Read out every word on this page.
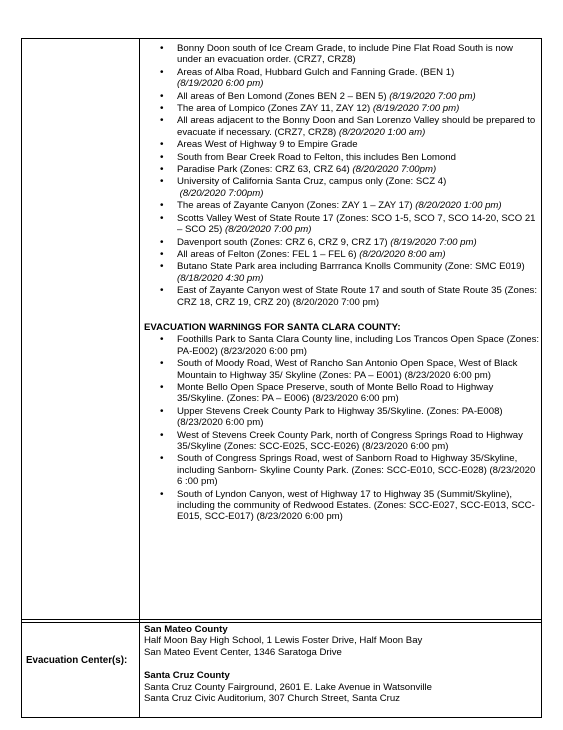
• Bonny Doon south of Ice Cream Grade, to include Pine Flat Road South is now under an evacuation order. (CRZ7, CRZ8)
• Areas of Alba Road, Hubbard Gulch and Fanning Grade. (BEN 1)
(8/19/2020 6:00 pm)
• All areas of Ben Lomond (Zones BEN 2 – BEN 5) (8/19/2020 7:00 pm)
• The area of Lompico (Zones ZAY 11, ZAY 12) (8/19/2020 7:00 pm)
• All areas adjacent to the Bonny Doon and San Lorenzo Valley should be prepared to evacuate if necessary. (CRZ7, CRZ8) (8/20/2020 1:00 am)
• Areas West of Highway 9 to Empire Grade
• South from Bear Creek Road to Felton, this includes Ben Lomond
• Paradise Park (Zones: CRZ 63, CRZ 64) (8/20/2020 7:00pm)
• University of California Santa Cruz, campus only (Zone: SCZ 4)
(8/20/2020 7:00pm)
• The areas of Zayante Canyon (Zones: ZAY 1 – ZAY 17) (8/20/2020 1:00 pm)
• Scotts Valley West of State Route 17 (Zones: SCO 1-5, SCO 7, SCO 14-20, SCO 21 – SCO 25) (8/20/2020 7:00 pm)
• Davenport south (Zones: CRZ 6, CRZ 9, CRZ 17) (8/19/2020 7:00 pm)
• All areas of Felton (Zones: FEL 1 – FEL 6) (8/20/2020 8:00 am)
• Butano State Park area including Barrranca Knolls Community (Zone: SMC E019) (8/18/2020 4:30 pm)
• East of Zayante Canyon west of State Route 17 and south of State Route 35 (Zones: CRZ 18, CRZ 19, CRZ 20) (8/20/2020 7:00 pm)
EVACUATION WARNINGS FOR SANTA CLARA COUNTY:
• Foothills Park to Santa Clara County line, including Los Trancos Open Space (Zones: PA-E002) (8/23/2020 6:00 pm)
• South of Moody Road, West of Rancho San Antonio Open Space, West of Black Mountain to Highway 35/ Skyline (Zones: PA – E001) (8/23/2020 6:00 pm)
• Monte Bello Open Space Preserve, south of Monte Bello Road to Highway 35/Skyline. (Zones: PA – E006) (8/23/2020 6:00 pm)
• Upper Stevens Creek County Park to Highway 35/Skyline. (Zones: PA-E008) (8/23/2020 6:00 pm)
• West of Stevens Creek County Park, north of Congress Springs Road to Highway 35/Skyline (Zones: SCC-E025, SCC-E026) (8/23/2020 6:00 pm)
• South of Congress Springs Road, west of Sanborn Road to Highway 35/Skyline, including Sanborn- Skyline County Park. (Zones: SCC-E010, SCC-E028) (8/23/2020 6 :00 pm)
• South of Lyndon Canyon, west of Highway 17 to Highway 35 (Summit/Skyline), including the community of Redwood Estates. (Zones: SCC-E027, SCC-E013, SCC-E015, SCC-E017) (8/23/2020 6:00 pm)
Evacuation Center(s):
San Mateo County
Half Moon Bay High School, 1 Lewis Foster Drive, Half Moon Bay
San Mateo Event Center, 1346 Saratoga Drive
Santa Cruz County
Santa Cruz County Fairground, 2601 E. Lake Avenue in Watsonville
Santa Cruz Civic Auditorium, 307 Church Street, Santa Cruz
